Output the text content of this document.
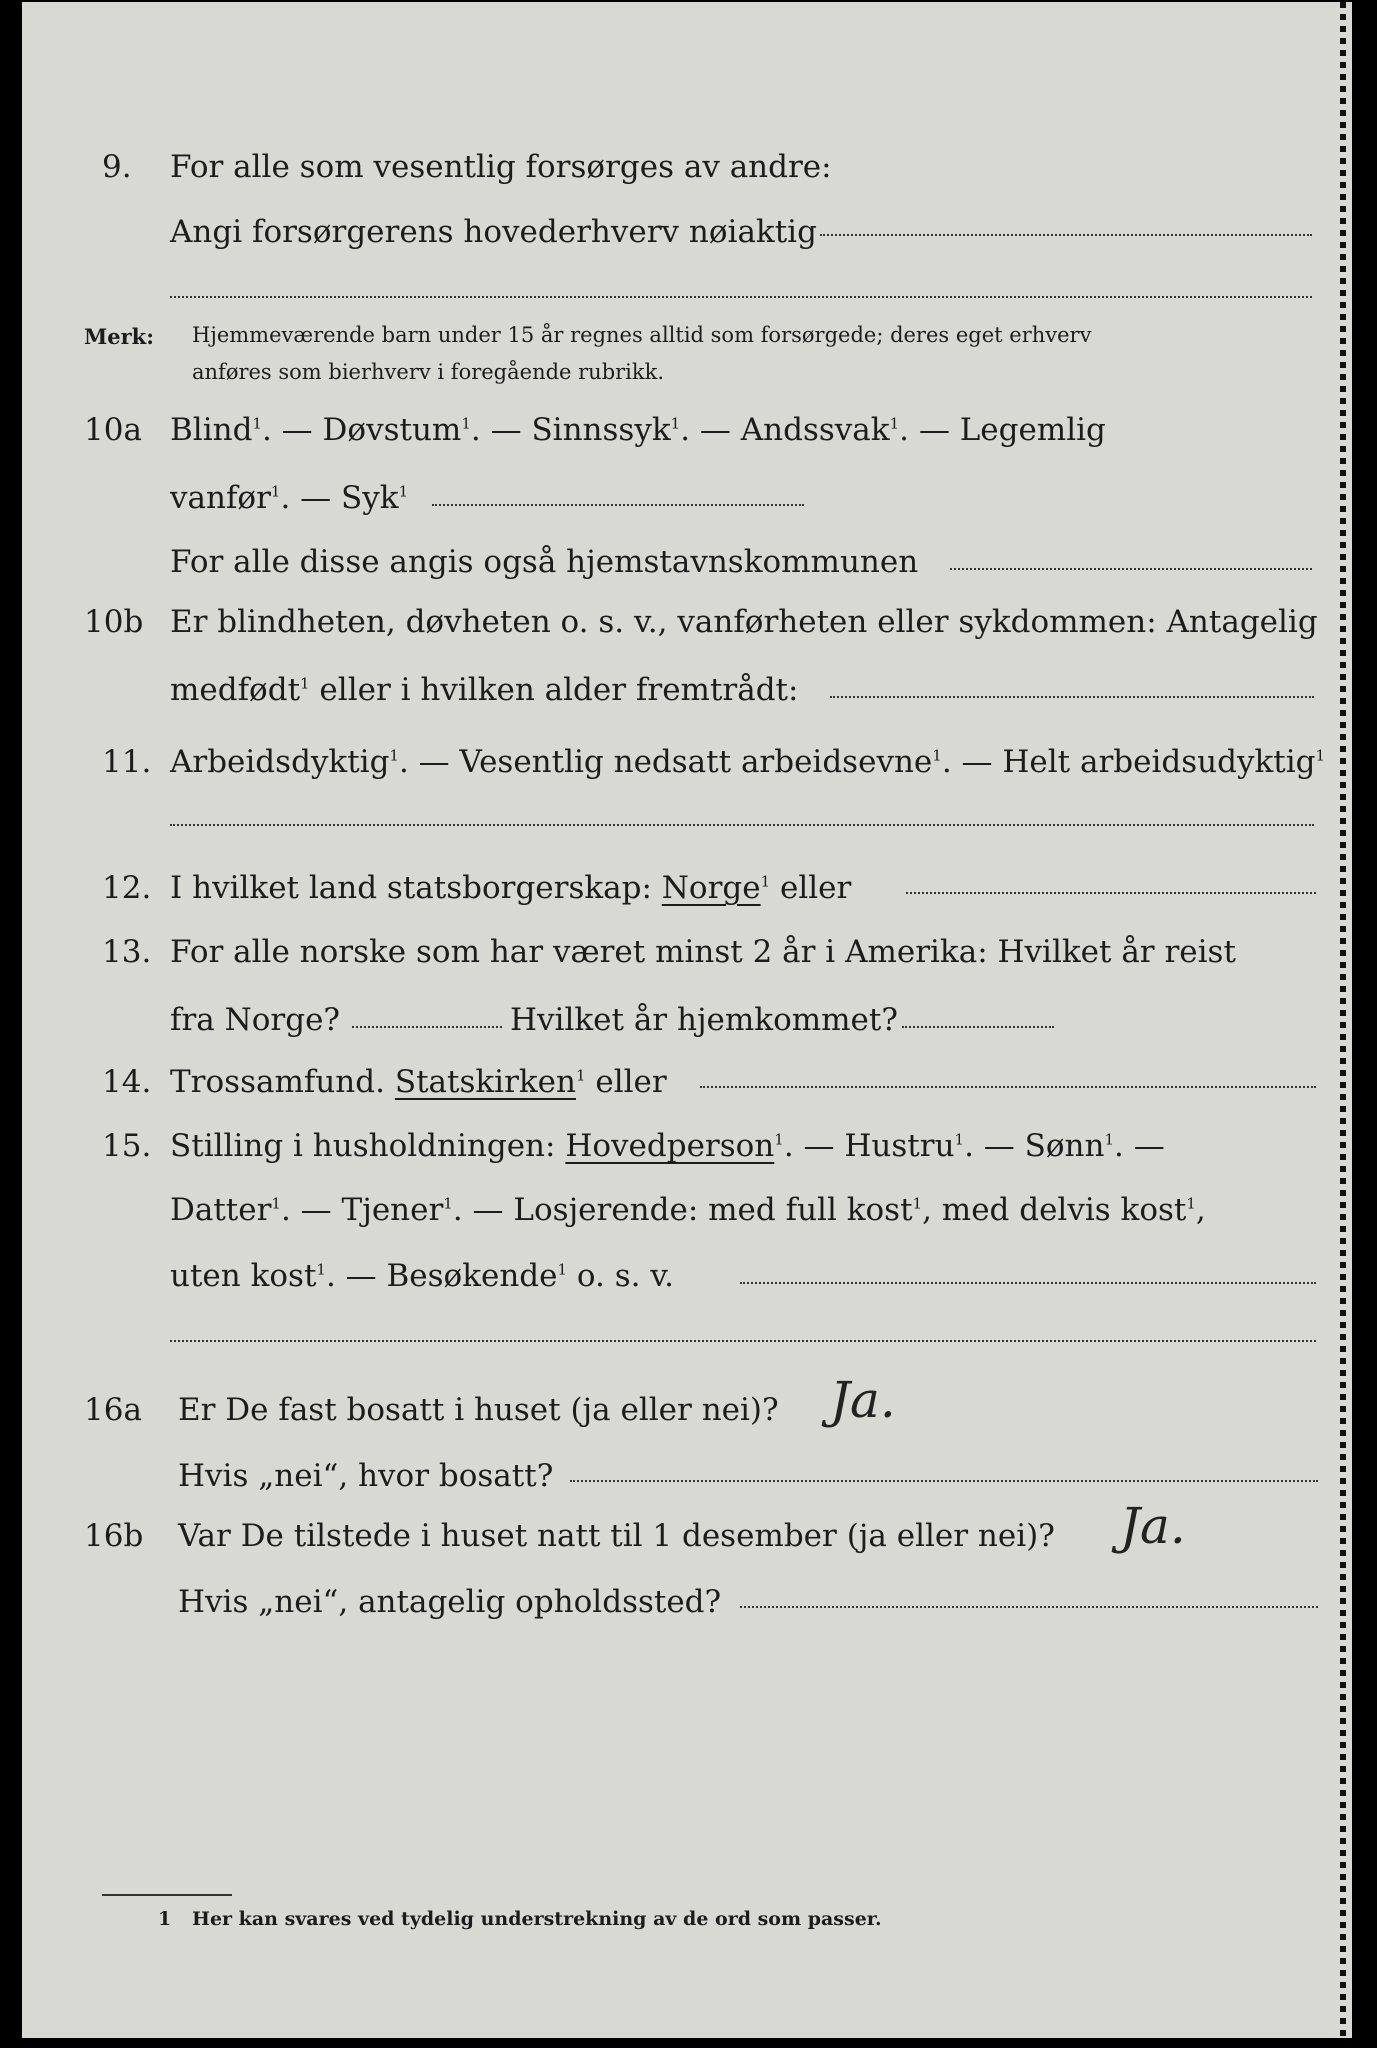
9. For alle som vesentlig forsørges av andre:
Angi forsørgerens hovederhverv nøiaktig
Merk: Hjemmeværende barn under 15 år regnes alltid som forsørgede; deres eget erhverv
anføres som bierhverv i foregående rubrikk.
10a Blind$^1$. — Døvstum$^1$. — Sinnssyk$^1$. — Andssvak$^1$. — Legemlig
vanfør$^1$. — Syk$^1$
For alle disse angis også hjemstavnskommunen
10b Er blindheten, døvheten o. s. v., vanførheten eller sykdommen: Antagelig
medfødt$^1$ eller i hvilken alder fremtrådt:
11. Arbeidsdyktig$^1$. — Vesentlig nedsatt arbeidsevne$^1$. — Helt arbeidsudyktig$^1$
12. I hvilket land statsborgerskap: Norge$^1$ eller
13. For alle norske som har været minst 2 år i Amerika: Hvilket år reist
fra Norge?	Hvilket år hjemkommet?
14. Trossamfund. Statskirken$^1$ eller
15. Stilling i husholdningen: Hovedperson$^1$. — Hustru$^1$. — Sønn$^1$. —
Datter$^1$. — Tjener$^1$. — Losjerende: med full kost$^1$, med delvis kost$^1$,
uten kost$^1$. — Besøkende$^1$ o. s. v.
16a Er De fast bosatt i huset (ja eller nei)? Ja.
Hvis „nei“, hvor bosatt?
16b Var De tilstede i huset natt til 1 desember (ja eller nei)? Ja.
Hvis „nei“, antagelig opholdssted?
1 Her kan svares ved tydelig understrekning av de ord som passer.
